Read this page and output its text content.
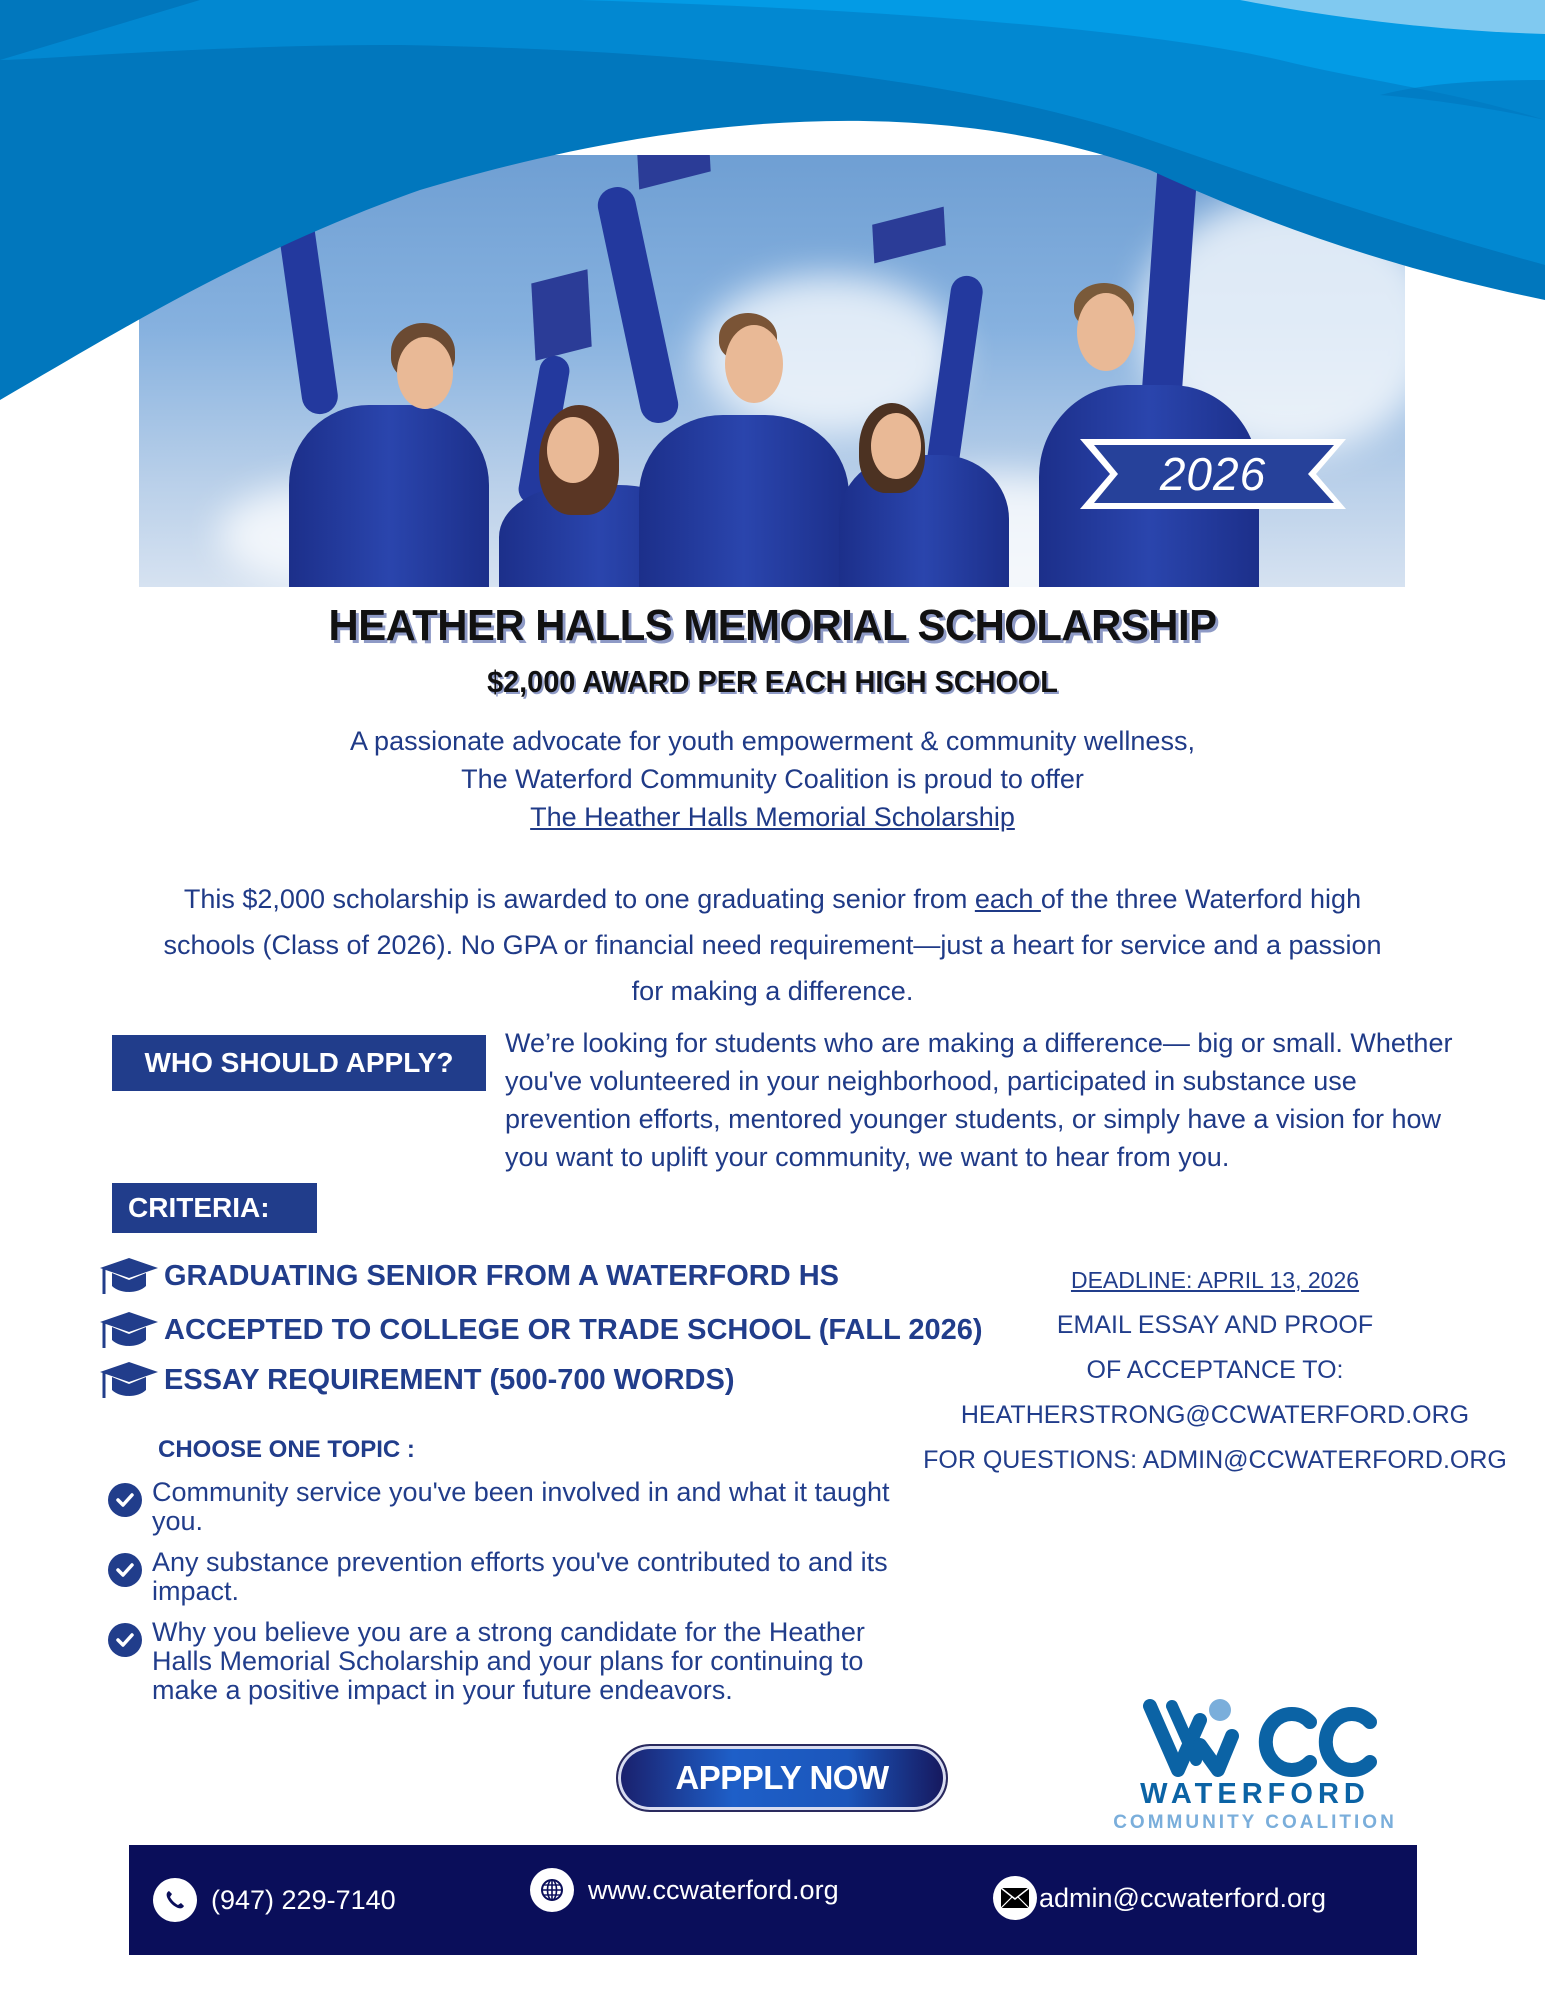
2026
HEATHER HALLS MEMORIAL SCHOLARSHIP
$2,000 AWARD PER EACH HIGH SCHOOL
A passionate advocate for youth empowerment & community wellness,
The Waterford Community Coalition is proud to offer
The Heather Halls Memorial Scholarship
This $2,000 scholarship is awarded to one graduating senior from each of the three Waterford high schools (Class of 2026). No GPA or financial need requirement—just a heart for service and a passion for making a difference.
WHO SHOULD APPLY?
We’re looking for students who are making a difference— big or small. Whether you've volunteered in your neighborhood, participated in substance use prevention efforts, mentored younger students, or simply have a vision for how you want to uplift your community, we want to hear from you.
CRITERIA:
GRADUATING SENIOR FROM A WATERFORD HS
ACCEPTED TO COLLEGE OR TRADE SCHOOL (FALL 2026)
ESSAY REQUIREMENT (500-700 WORDS)
DEADLINE: APRIL 13, 2026
EMAIL ESSAY AND PROOF
OF ACCEPTANCE TO:
HEATHERSTRONG@CCWATERFORD.ORG
FOR QUESTIONS: ADMIN@CCWATERFORD.ORG
CHOOSE ONE TOPIC :
Community service you've been involved in and what it taught you.
Any substance prevention efforts you've contributed to and its impact.
Why you believe you are a strong candidate for the Heather Halls Memorial Scholarship and your plans for continuing to make a positive impact in your future endeavors.
APPPLY NOW	WATERFORD
COMMUNITY COALITION
(947) 229-7140	www.ccwaterford.org	admin@ccwaterford.org
